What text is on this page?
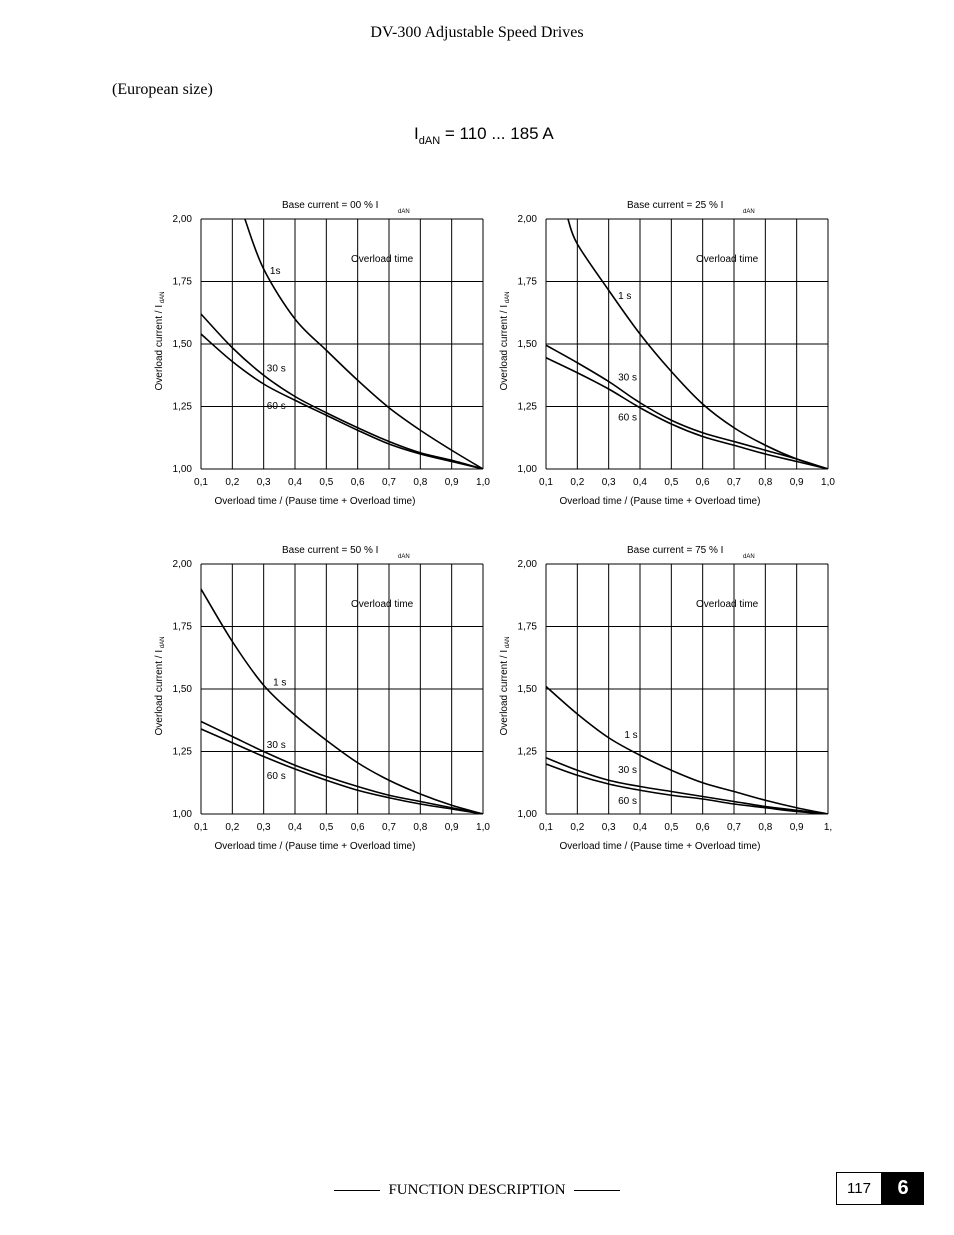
DV-300 Adjustable Speed Drives
(European size)
$I_{dAN} = 110$ ... 185 A
0,1 0,2 0,3 0,4 0,5 0,6 0,7 0,8 0,9 1,0
1,00
1,25
1,50
1,75
2,00
Base current = 00 % I
dAN
Overload time
Overload time / (Pause time + Overload time)
Overload current / I $_{dAN}$
1s
30 s
60 s
0,1 0,2 0,3 0,4 0,5 0,6 0,7 0,8 0,9 1,0
1,00
1,25
1,50
1,75
2,00
Base current = 25 % I
dAN
Overload time
Overload time / (Pause time + Overload time)
Overload current / I $_{dAN}$	1 s
30 s
60 s
0,1 0,2 0,3 0,4 0,5 0,6 0,7 0,8 0,9 1,0
1,00
1,25
1,50
1,75
2,00
Base current = 50 % I
dAN
Overload time
Overload time / (Pause time + Overload time)
Overload current / I $_{dAN}$
1 s
30 s
60 s
0,1 0,2 0,3 0,4 0,5 0,6 0,7 0,8 0,9 1,
1,00
1,25
1,50
1,75
2,00
Base current = 75 % I
dAN
Overload time
Overload time / (Pause time + Overload time)
Overload current / I $_{dAN}$
1 s
30 s
60 s
FUNCTION DESCRIPTION	117	6
